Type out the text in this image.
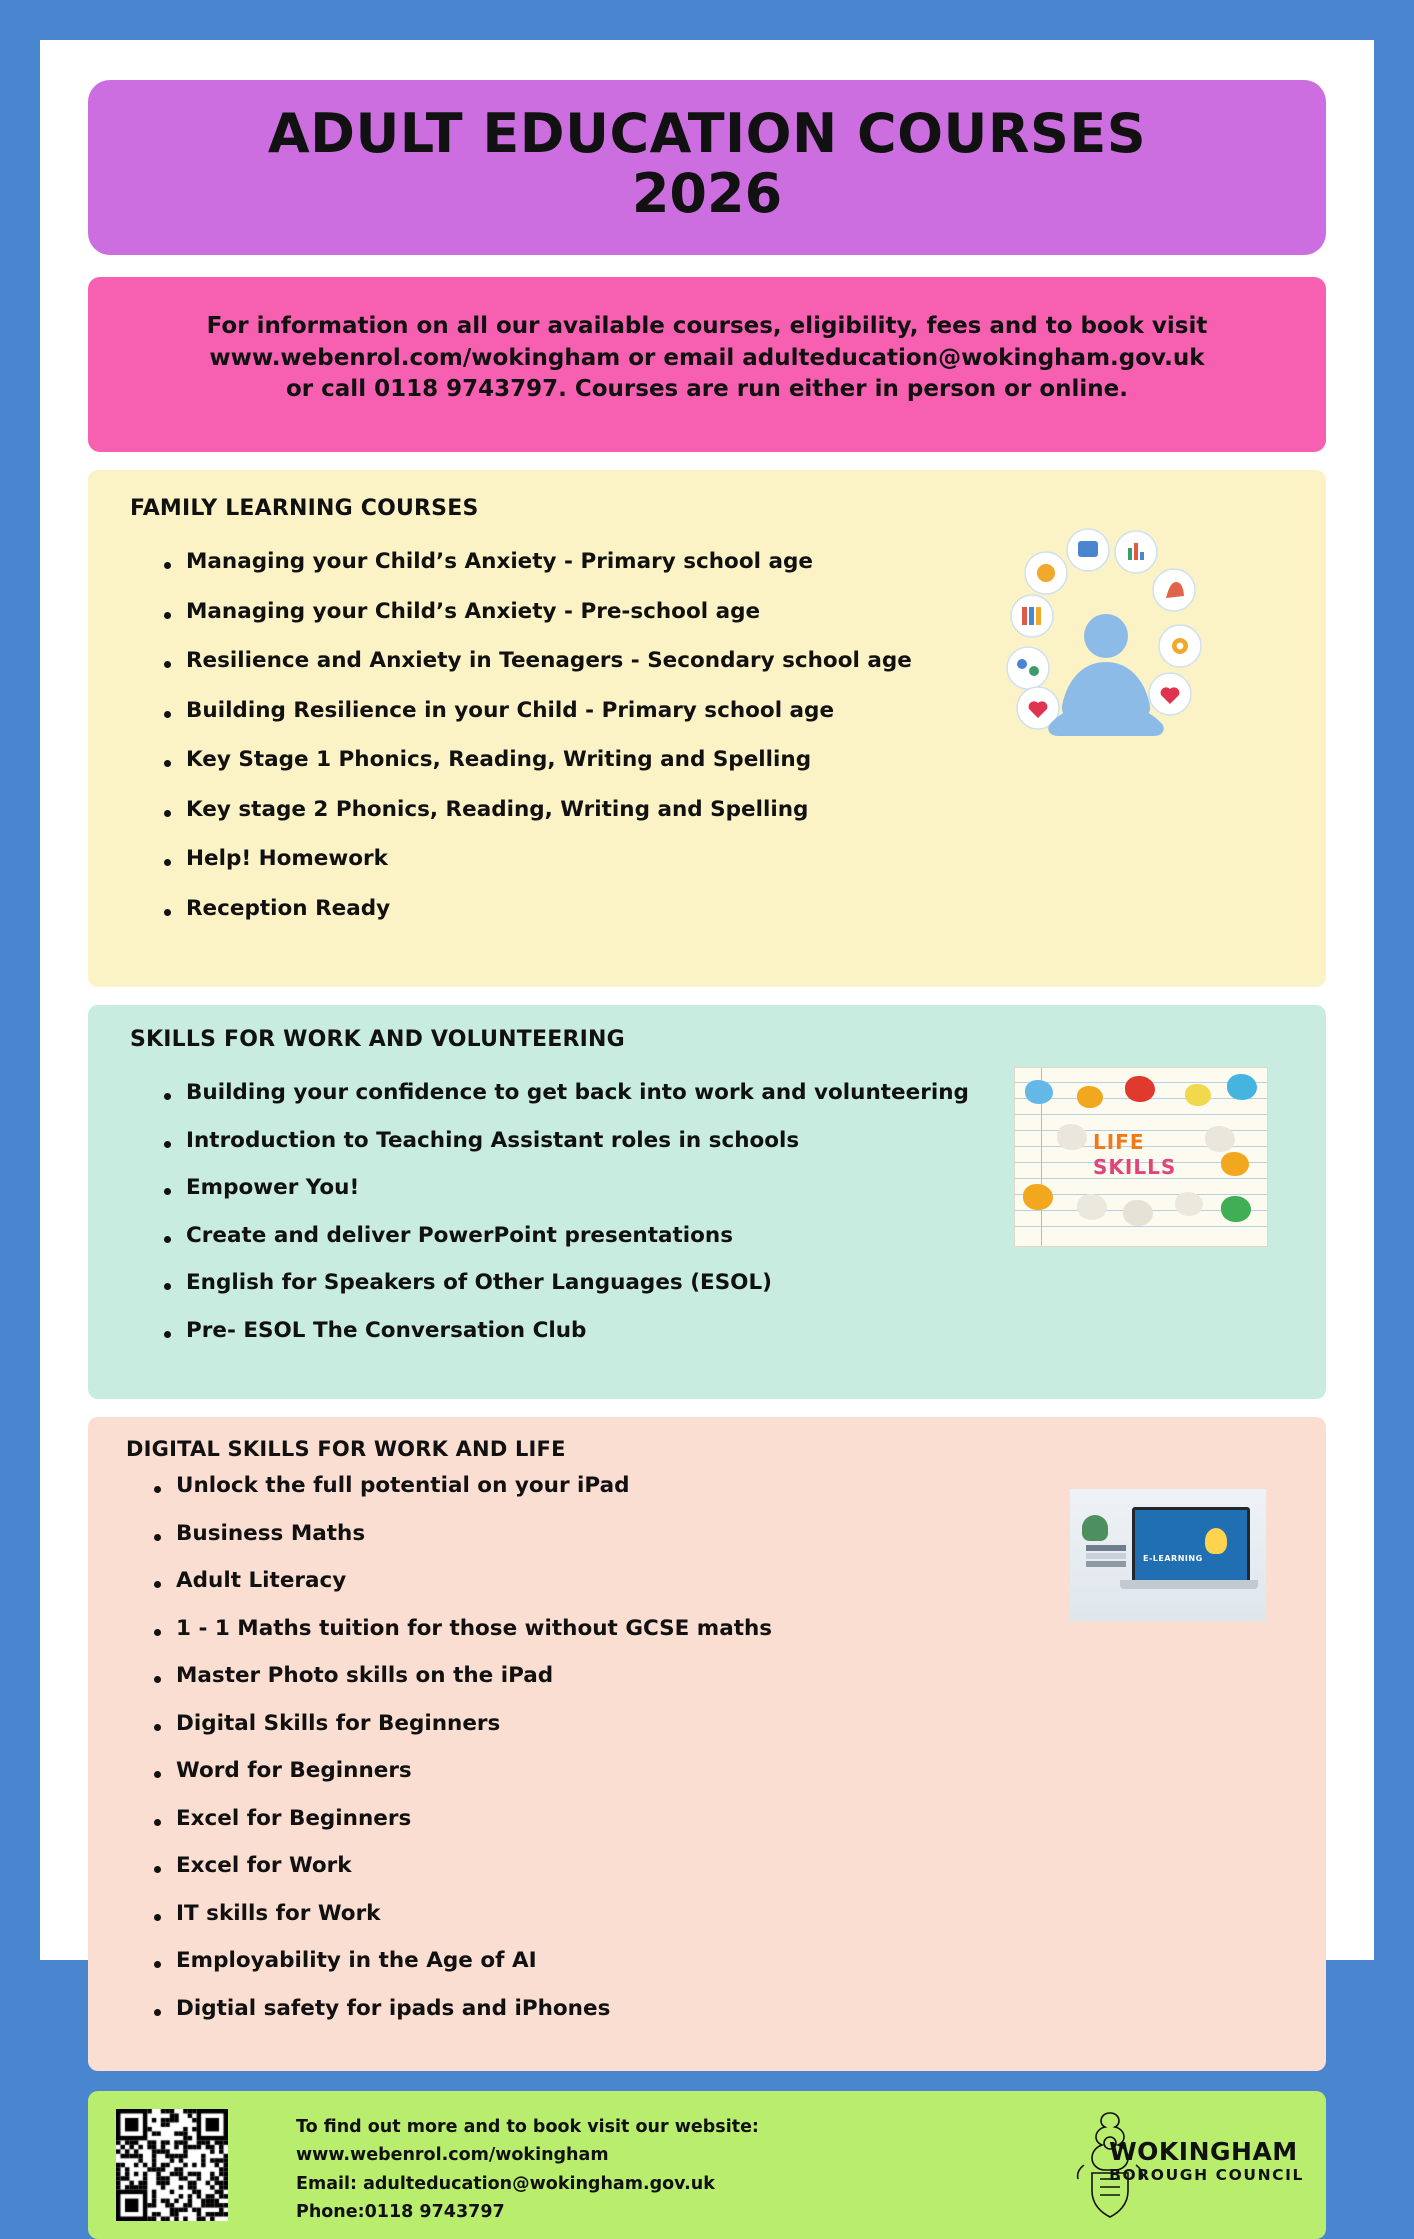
ADULT EDUCATION COURSES
2026

For information on all our available courses, eligibility, fees and to book visit

www.webenrol.com/wokingham or email adulteducation@wokingham.gov.uk

or call 0118 9743797. Courses are run either in person or online.

FAMILY LEARNING COURSES
Managing your Child’s Anxiety - Primary school age
Managing your Child’s Anxiety - Pre-school age
Resilience and Anxiety in Teenagers - Secondary school age
Building Resilience in your Child - Primary school age
Key Stage 1 Phonics, Reading, Writing and Spelling
Key stage 2 Phonics, Reading, Writing and Spelling
Help! Homework
Reception Ready
SKILLS FOR WORK AND VOLUNTEERING
Building your confidence to get back into work and volunteering
Introduction to Teaching Assistant roles in schools
Empower You!
Create and deliver PowerPoint presentations
English for Speakers of Other Languages (ESOL)
Pre- ESOL The Conversation Club
LIFE
SKILLS
DIGITAL SKILLS FOR WORK AND LIFE
Unlock the full potential on your iPad
Business Maths
Adult Literacy
1 - 1 Maths tuition for those without GCSE maths
Master Photo skills on the iPad
Digital Skills for Beginners
Word for Beginners
Excel for Beginners
Excel for Work
IT skills for Work
Employability in the Age of AI
Digtial safety for ipads and iPhones
E-LEARNING
To find out more and to book visit our website:
www.webenrol.com/wokingham
Email: adulteducation@wokingham.gov.uk
Phone:0118 9743797
WOKINGHAM
BOROUGH COUNCIL
